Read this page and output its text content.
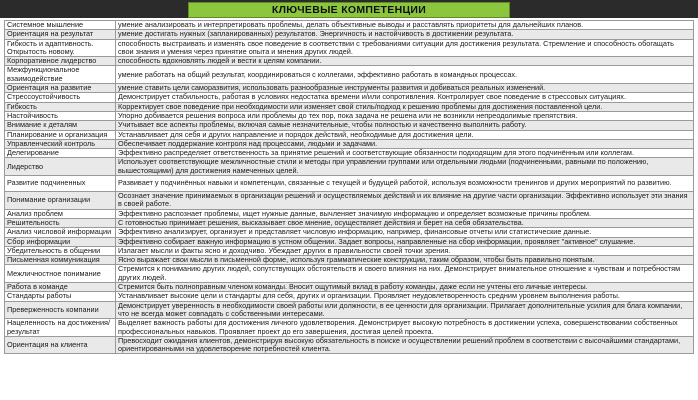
КЛЮЧЕВЫЕ КОМПЕТЕНЦИИ
Системное мышление	умение анализировать и интерпретировать проблемы, делать объективные выводы и расставлять приоритеты для дальнейших планов.
Ориентация на результат	умение достигать нужных (запланированных) результатов. Энергичность и настойчивость в достижении результата.
Гибкость и адаптивность. Открытость новому.	способность выстраивать и изменять свое поведение в соответствии с требованиями ситуации для достижения результата. Стремление и способность обогащать свои знания и умения через принятие опыта и мнения других людей.
Корпоративное лидерство	способность вдохновлять людей и вести к целям компании.
Межфункциональное взаимодействие	умение работать на общий результат, координироваться с коллегами, эффективно работать в командных процессах.
Ориентация на развитие	умение ставить цели саморазвития, использовать разнообразные инструменты развития и добиваться реальных изменений.
Стрессоустойчивость	Демонстрирует стабильность, работая в условиях недостатка времени и/или сопротивления. Контролирует свое поведение в стрессовых ситуациях.
Гибкость	Корректирует свое поведение при необходимости или изменяет свой стиль/подход к решению проблемы для достижения поставленной цели.
Настойчивость	Упорно добивается решения вопроса или проблемы до тех пор, пока задача не решена или не возникли непреодолимые препятствия.
Внимание к деталям	Учитывает все аспекты проблемы, включая самые незначительные, чтобы полностью и качественно выполнить работу.
Планирование и организация	Устанавливает для себя и других направление и порядок действий, необходимые для достижения цели.
Управленческий контроль	Обеспечивает поддержание контроля над процессами, людьми и задачами.
Делегирование	Эффективно распределяет ответственность за принятие решений и соответствующие обязанности подходящим для этого подчинённым или коллегам.
Лидерство	Использует соответствующие межличностные стили и методы при управлении группами или отдельными людьми (подчиненными, равными по положению, вышестоящими) для достижения намеченных целей.
Развитие подчиненных	Развивает у подчинённых навыки и компетенции, связанные с текущей и будущей работой, используя возможности тренингов и других мероприятий по развитию.
Понимание организации	Осознает значение принимаемых в организации решений и осуществляемых действий и их влияние на другие части организации. Эффективно использует эти знания в своей работе.
Анализ проблем	Эффективно распознает проблемы, ищет нужные данные, вычленяет значимую информацию и определяет возможные причины проблем.
Решительность	С готовностью принимает решения, высказывает свое мнение, осуществляет действия и берет на себя обязательства.
Анализ числовой информации	Эффективно анализирует, организует и представляет числовую информацию, например, финансовые отчеты или статистические данные.
Сбор информации	Эффективно собирает важную информацию в устном общении. Задает вопросы, направленные на сбор информации, проявляет "активное" слушание.
Убедительность в общении	Излагает мысли и факты ясно и доходчиво. Убеждает других в правильности своей точки зрения.
Письменная коммуникация	Ясно выражает свои мысли в письменной форме, используя грамматические конструкции, таким образом, чтобы быть правильно понятым.
Межличностное понимание	Стремится к пониманию других людей, сопутствующих обстоятельств и своего влияния на них. Демонстрирует внимательное отношение к чувствам и потребностям других людей.
Работа в команде	Стремится быть полноправным членом команды. Вносит ощутимый вклад в работу команды, даже если не учтены его личные интересы.
Стандарты работы	Устанавливает высокие цели и стандарты для себя, других и организации. Проявляет неудовлетворенность средним уровнем выполнения работы.
Преверженность компании	Демонстрирует уверенность в необходимости своей работы или должности, в ее ценности для организации. Прилагает дополнительные усилия для блага компании, что не всегда может совпадать с собственными интересами.
Нацеленность на достижения/результат	Выделяет важность работы для достижения личного удовлетворения. Демонстрирует высокую потребность в достижении успеха, совершенствовании собственных профессиональных навыков. Проявляет проект до его завершения, достигая целей проекта.
Ориентация на клиента	Превосходит ожидания клиентов, демонстрируя высокую обязательность в поиске и осуществлении решений проблем в соответствии с высочайшими стандартами, ориентированными на удовлетворение потребностей клиента.
